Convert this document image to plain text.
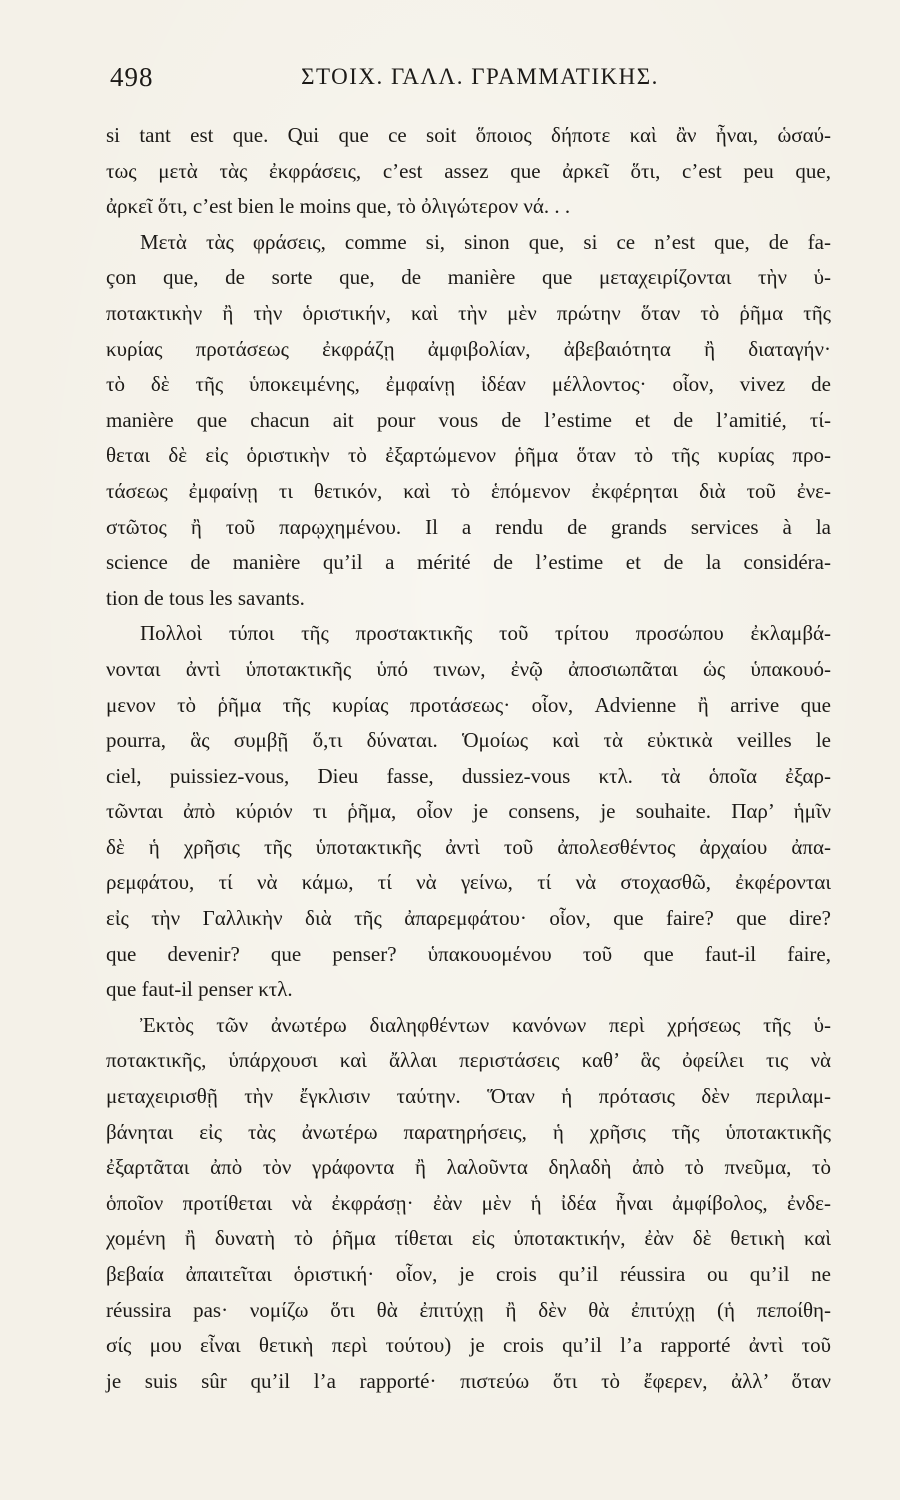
498	ΣΤΟΙΧ. ΓΑΛΛ. ΓΡΑΜΜΑΤΙΚΗΣ.
si tant est que. Qui que ce soit ὅποιος δήποτε καὶ ἂν ἦναι, ὡσαύ-
τως μετὰ τὰς ἐκφράσεις, c’est assez que ἀρκεῖ ὅτι, c’est peu que,
ἀρκεῖ ὅτι, c’est bien le moins que, τὸ ὀλιγώτερον νά. . .
Μετὰ τὰς φράσεις, comme si, sinon que, si ce n’est que, de fa-
çon que, de sorte que, de manière que μεταχειρίζονται τὴν ὑ-
ποτακτικὴν ἢ τὴν ὁριστικήν, καὶ τὴν μὲν πρώτην ὅταν τὸ ῥῆμα τῆς
κυρίας προτάσεως ἐκφράζῃ ἀμφιβολίαν, ἀβεβαιότητα ἢ διαταγήν·
τὸ δὲ τῆς ὑποκειμένης, ἐμφαίνῃ ἰδέαν μέλλοντος· οἷον, vivez de
manière que chacun ait pour vous de l’estime et de l’amitié, τί-
θεται δὲ εἰς ὁριστικὴν τὸ ἐξαρτώμενον ῥῆμα ὅταν τὸ τῆς κυρίας προ-
τάσεως ἐμφαίνῃ τι θετικόν, καὶ τὸ ἑπόμενον ἐκφέρηται διὰ τοῦ ἐνε-
στῶτος ἢ τοῦ παρῳχημένου. Il a rendu de grands services à la
science de manière qu’il a mérité de l’estime et de la considéra-
tion de tous les savants.
Πολλοὶ τύποι τῆς προστακτικῆς τοῦ τρίτου προσώπου ἐκλαμβά-
νονται ἀντὶ ὑποτακτικῆς ὑπό τινων, ἐνῷ ἀποσιωπᾶται ὡς ὑπακουό-
μενον τὸ ῥῆμα τῆς κυρίας προτάσεως· οἷον, Advienne ἢ arrive que
pourra, ἃς συμβῇ ὅ,τι δύναται. Ὁμοίως καὶ τὰ εὐκτικὰ veilles le
ciel, puissiez-vous, Dieu fasse, dussiez-vous κτλ. τὰ ὁποῖα ἐξαρ-
τῶνται ἀπὸ κύριόν τι ῥῆμα, οἷον je consens, je souhaite. Παρ’ ἡμῖν
δὲ ἡ χρῆσις τῆς ὑποτακτικῆς ἀντὶ τοῦ ἀπολεσθέντος ἀρχαίου ἀπα-
ρεμφάτου, τί νὰ κάμω, τί νὰ γείνω, τί νὰ στοχασθῶ, ἐκφέρονται
εἰς τὴν Γαλλικὴν διὰ τῆς ἀπαρεμφάτου· οἷον, que faire? que dire?
que devenir? que penser? ὑπακουομένου τοῦ que faut-il faire,
que faut-il penser κτλ.
Ἐκτὸς τῶν ἀνωτέρω διαληφθέντων κανόνων περὶ χρήσεως τῆς ὑ-
ποτακτικῆς, ὑπάρχουσι καὶ ἄλλαι περιστάσεις καθ’ ἃς ὀφείλει τις νὰ
μεταχειρισθῇ τὴν ἔγκλισιν ταύτην. Ὅταν ἡ πρότασις δὲν περιλαμ-
βάνηται εἰς τὰς ἀνωτέρω παρατηρήσεις, ἡ χρῆσις τῆς ὑποτακτικῆς
ἐξαρτᾶται ἀπὸ τὸν γράφοντα ἢ λαλοῦντα δηλαδὴ ἀπὸ τὸ πνεῦμα, τὸ
ὁποῖον προτίθεται νὰ ἐκφράσῃ· ἐὰν μὲν ἡ ἰδέα ἦναι ἀμφίβολος, ἐνδε-
χομένη ἢ δυνατὴ τὸ ῥῆμα τίθεται εἰς ὑποτακτικήν, ἐὰν δὲ θετικὴ καὶ
βεβαία ἀπαιτεῖται ὁριστική· οἷον, je crois qu’il réussira ou qu’il ne
réussira pas· νομίζω ὅτι θὰ ἐπιτύχῃ ἢ δὲν θὰ ἐπιτύχῃ (ἡ πεποίθη-
σίς μου εἶναι θετικὴ περὶ τούτου) je crois qu’il l’a rapporté ἀντὶ τοῦ
je suis sûr qu’il l’a rapporté· πιστεύω ὅτι τὸ ἔφερεν, ἀλλ’ ὅταν
